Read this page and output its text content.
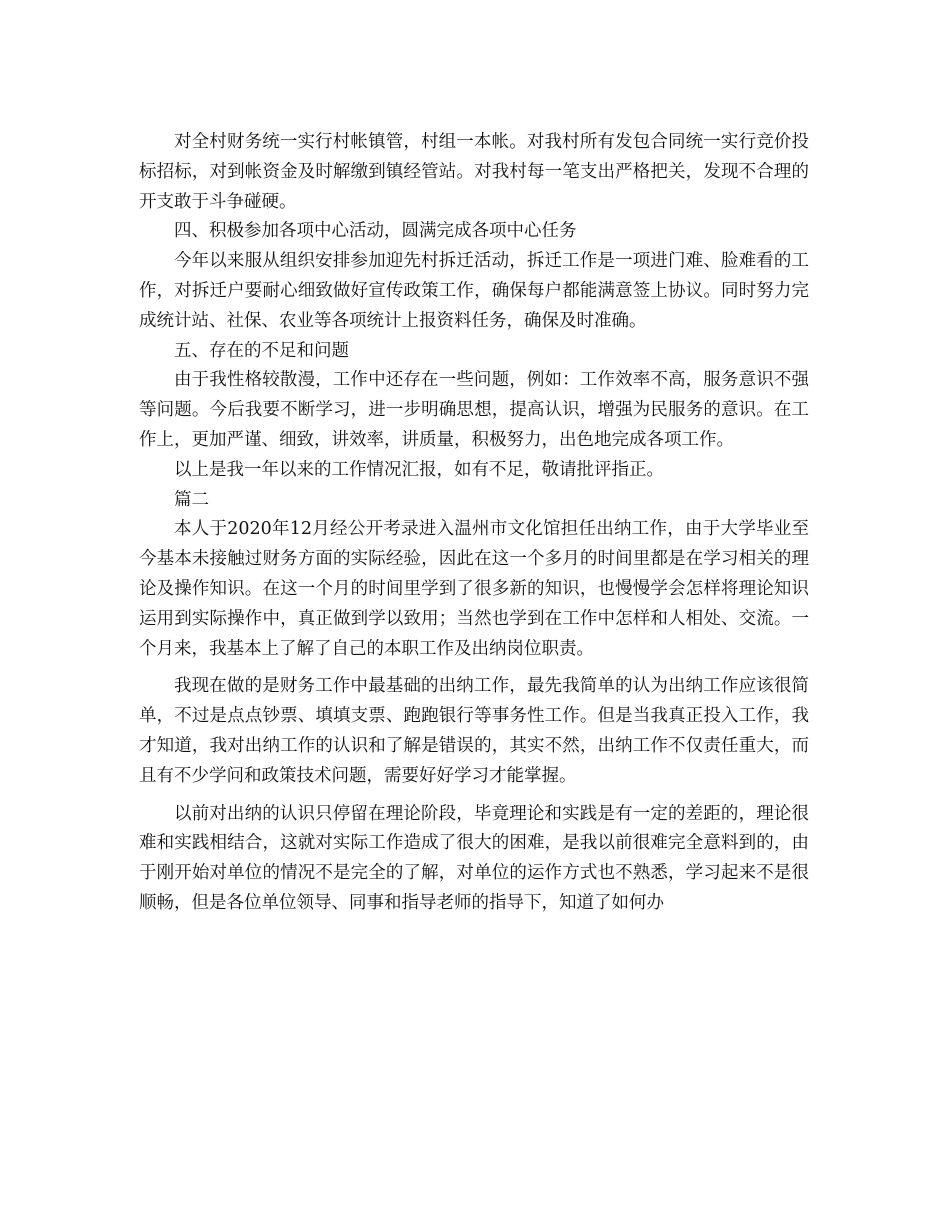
对全村财务统一实行村帐镇管，村组一本帐。对我村所有发包合同统一实行竞价投标招标，对到帐资金及时解缴到镇经管站。对我村每一笔支出严格把关，发现不合理的开支敢于斗争碰硬。

四、积极参加各项中心活动，圆满完成各项中心任务

今年以来服从组织安排参加迎先村拆迁活动，拆迁工作是一项进门难、脸难看的工作，对拆迁户要耐心细致做好宣传政策工作，确保每户都能满意签上协议。同时努力完成统计站、社保、农业等各项统计上报资料任务，确保及时准确。

五、存在的不足和问题

由于我性格较散漫，工作中还存在一些问题，例如：工作效率不高，服务意识不强等问题。今后我要不断学习，进一步明确思想，提高认识，增强为民服务的意识。在工作上，更加严谨、细致，讲效率，讲质量，积极努力，出色地完成各项工作。

以上是我一年以来的工作情况汇报，如有不足，敬请批评指正。

篇二

本人于2020年12月经公开考录进入温州市文化馆担任出纳工作，由于大学毕业至今基本未接触过财务方面的实际经验，因此在这一个多月的时间里都是在学习相关的理论及操作知识。在这一个月的时间里学到了很多新的知识，也慢慢学会怎样将理论知识运用到实际操作中，真正做到学以致用；当然也学到在工作中怎样和人相处、交流。一个月来，我基本上了解了自己的本职工作及出纳岗位职责。

我现在做的是财务工作中最基础的出纳工作，最先我简单的认为出纳工作应该很简单，不过是点点钞票、填填支票、跑跑银行等事务性工作。但是当我真正投入工作，我才知道，我对出纳工作的认识和了解是错误的，其实不然，出纳工作不仅责任重大，而且有不少学问和政策技术问题，需要好好学习才能掌握。

以前对出纳的认识只停留在理论阶段，毕竟理论和实践是有一定的差距的，理论很难和实践相结合，这就对实际工作造成了很大的困难，是我以前很难完全意料到的，由于刚开始对单位的情况不是完全的了解，对单位的运作方式也不熟悉，学习起来不是很顺畅，但是各位单位领导、同事和指导老师的指导下，知道了如何办
